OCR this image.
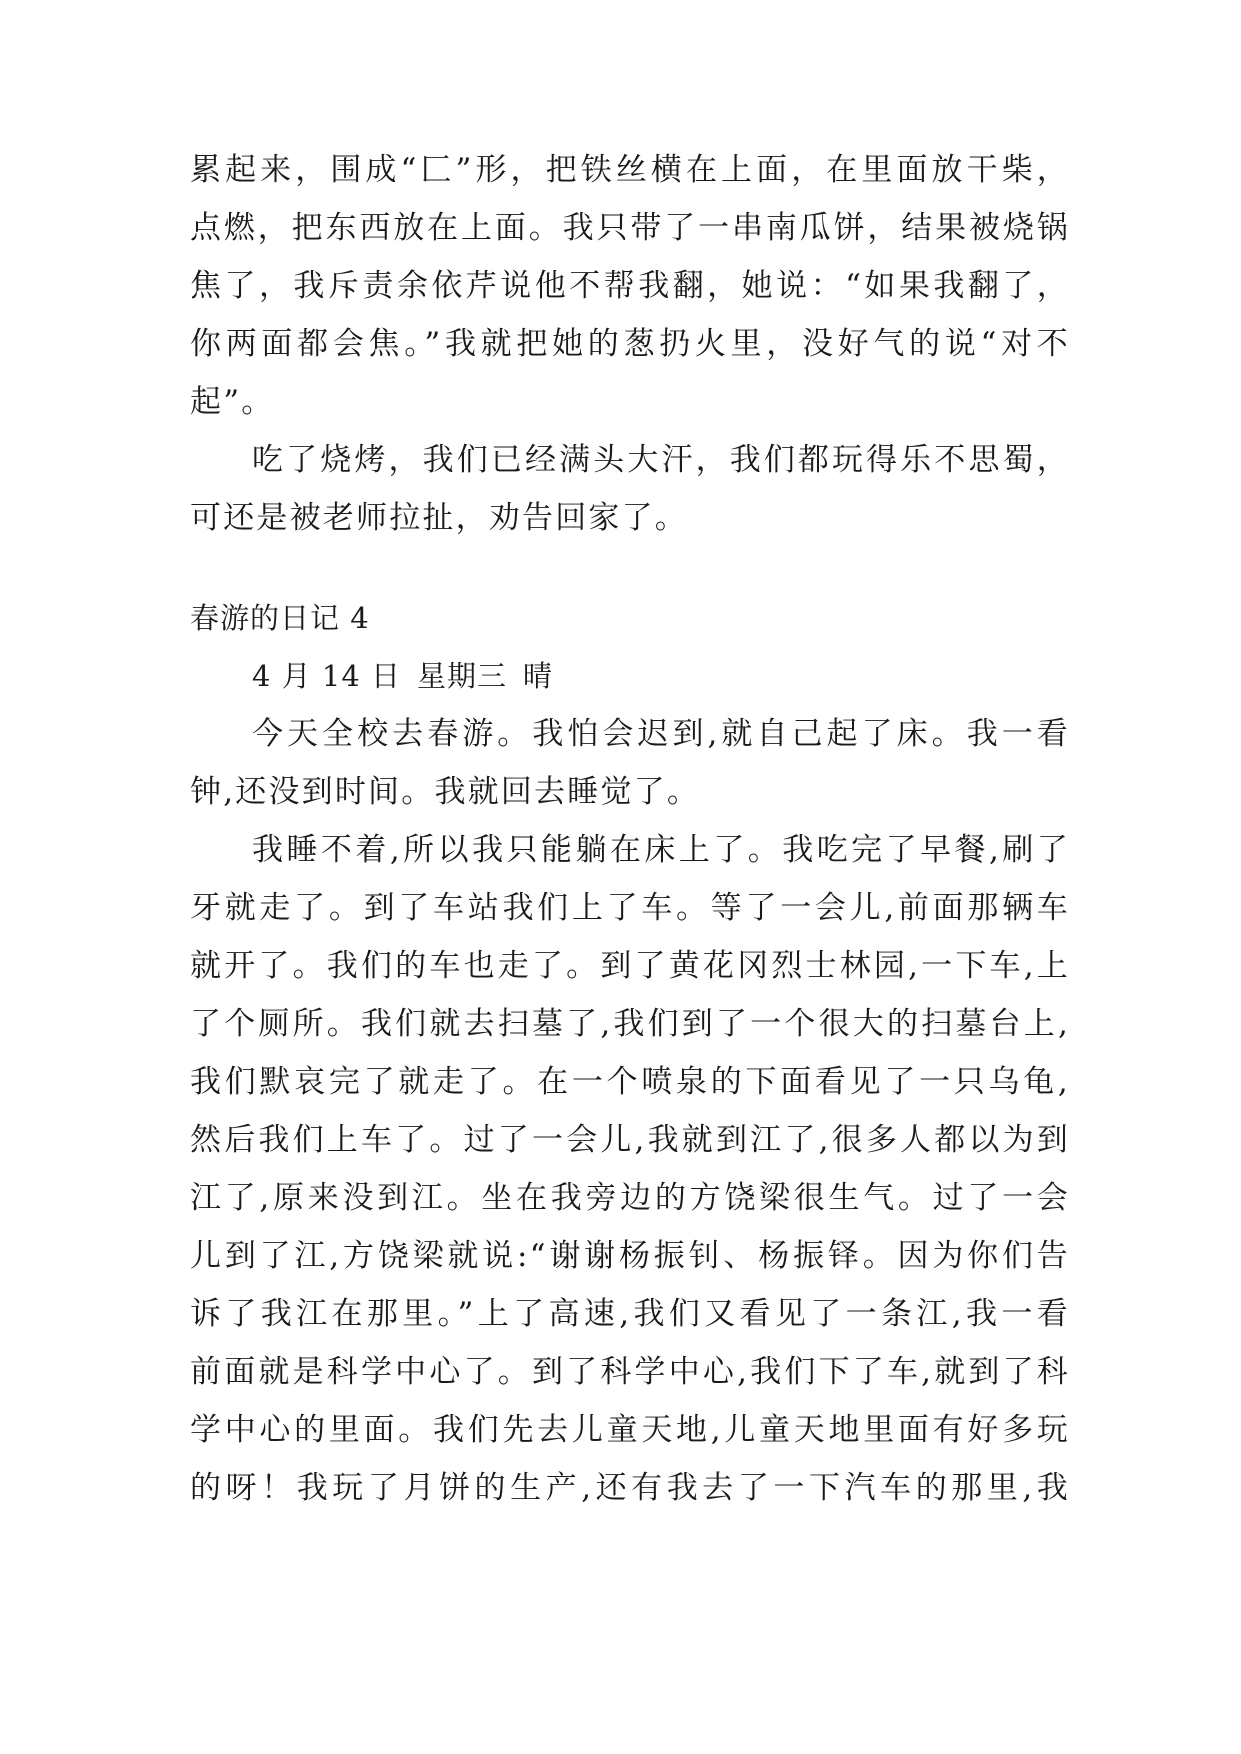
累起来，围成“匚”形，把铁丝横在上面，在里面放干柴，
点燃，把东西放在上面。我只带了一串南瓜饼，结果被烧锅
焦了，我斥责余依芹说他不帮我翻，她说：“如果我翻了，
你两面都会焦。”我就把她的葱扔火里，没好气的说“对不
起”。
吃了烧烤，我们已经满头大汗，我们都玩得乐不思蜀，
可还是被老师拉扯，劝告回家了。
春游的日记 4
4 月 14 日 星期三 晴
今天全校去春游。我怕会迟到,就自己起了床。我一看
钟,还没到时间。我就回去睡觉了。
我睡不着,所以我只能躺在床上了。我吃完了早餐,刷了
牙就走了。到了车站我们上了车。等了一会儿,前面那辆车
就开了。我们的车也走了。到了黄花冈烈士林园,一下车,上
了个厕所。我们就去扫墓了,我们到了一个很大的扫墓台上,
我们默哀完了就走了。在一个喷泉的下面看见了一只乌龟,
然后我们上车了。过了一会儿,我就到江了,很多人都以为到
江了,原来没到江。坐在我旁边的方饶梁很生气。过了一会
儿到了江,方饶梁就说:“谢谢杨振钊、杨振铎。因为你们告
诉了我江在那里。”上了高速,我们又看见了一条江,我一看
前面就是科学中心了。到了科学中心,我们下了车,就到了科
学中心的里面。我们先去儿童天地,儿童天地里面有好多玩
的呀！我玩了月饼的生产,还有我去了一下汽车的那里,我
